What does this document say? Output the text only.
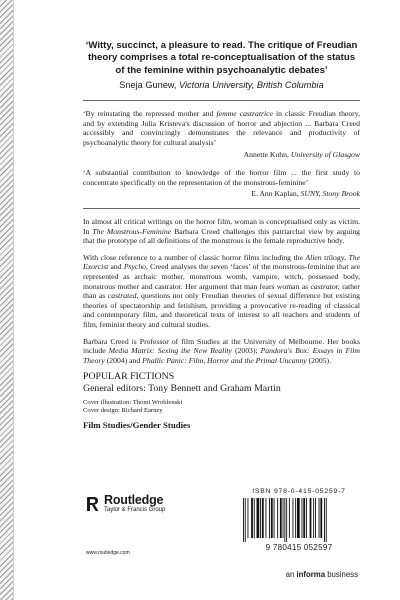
‘Witty, succinct, a pleasure to read. The critique of Freudian theory comprises a total re-conceptualisation of the status of the feminine within psychoanalytic debates’

Sneja Gunew, Victoria University, British Columbia

‘By reinstating the repressed mother and femme castratrice in classic Freudian theory, and by extending Julia Kristeva's discussion of horror and abjection ... Barbara Creed accessibly and convincingly demonstrates the relevance and productivity of psychoanalytic theory for cultural analysis’

Annette Kuhn, University of Glasgow

‘A substantial contribution to knowledge of the horror film ... the first study to concentrate specifically on the representation of the monstrous-feminine’

E. Ann Kaplan, SUNY, Stony Brook

In almost all critical writings on the horror film, woman is conceptualised only as victim. In The Monstrous-Feminine Barbara Creed challenges this patriarchal view by arguing that the prototype of all definitions of the monstrous is the female reproductive body.

With close reference to a number of classic horror films including the Alien trilogy, The Exorcist and Psycho, Creed analyses the seven ‘faces’ of the monstrous-feminine that are represented as archaic mother, monstrous womb, vampire, witch, possessed body, monstrous mother and castrator. Her argument that man fears woman as castrator, rather than as castrated, questions not only Freudian theories of sexual difference but existing theories of spectatorship and fetishism, providing a provocative re-reading of classical and contemporary film, and theoretical texts of interest to all teachers and students of film, feminist theory and cultural studies.

Barbara Creed is Professor of film Studies at the University of Melbourne. Her books include Media Matrix: Sexing the New Reality (2003); Pandora's Box: Essays in Film Theory (2004) and Phallic Panic: Film, Horror and the Primal Uncanny (2005).

POPULAR FICTIONS
General editors: Tony Bennett and Graham Martin
Cover illustration: Thomi Wroblenski
Cover design: Richard Earney
Film Studies/Gender Studies
Routledge
Taylor & Francis Group
www.routledge.com
ISBN 978-0-415-05259-7
9 780415 052597
an informa business
